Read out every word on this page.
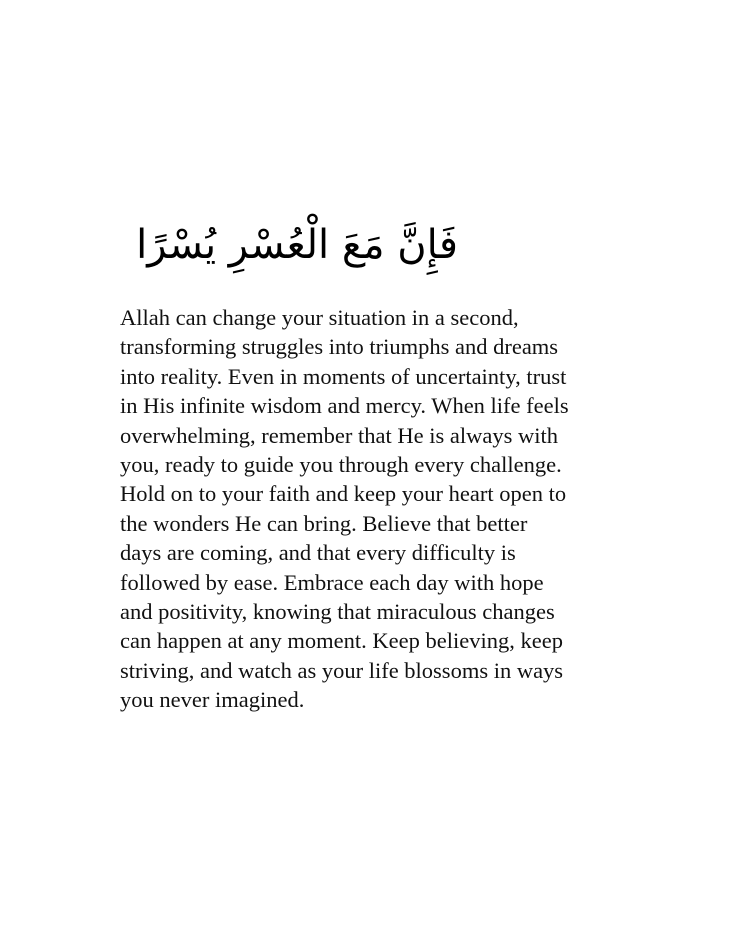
فَإِنَّ مَعَ الْعُسْرِ يُسْرًا

Allah can change your situation in a second,
transforming struggles into triumphs and dreams
into reality. Even in moments of uncertainty, trust
in His infinite wisdom and mercy. When life feels
overwhelming, remember that He is always with
you, ready to guide you through every challenge.
Hold on to your faith and keep your heart open to
the wonders He can bring. Believe that better
days are coming, and that every difficulty is
followed by ease. Embrace each day with hope
and positivity, knowing that miraculous changes
can happen at any moment. Keep believing, keep
striving, and watch as your life blossoms in ways
you never imagined.
